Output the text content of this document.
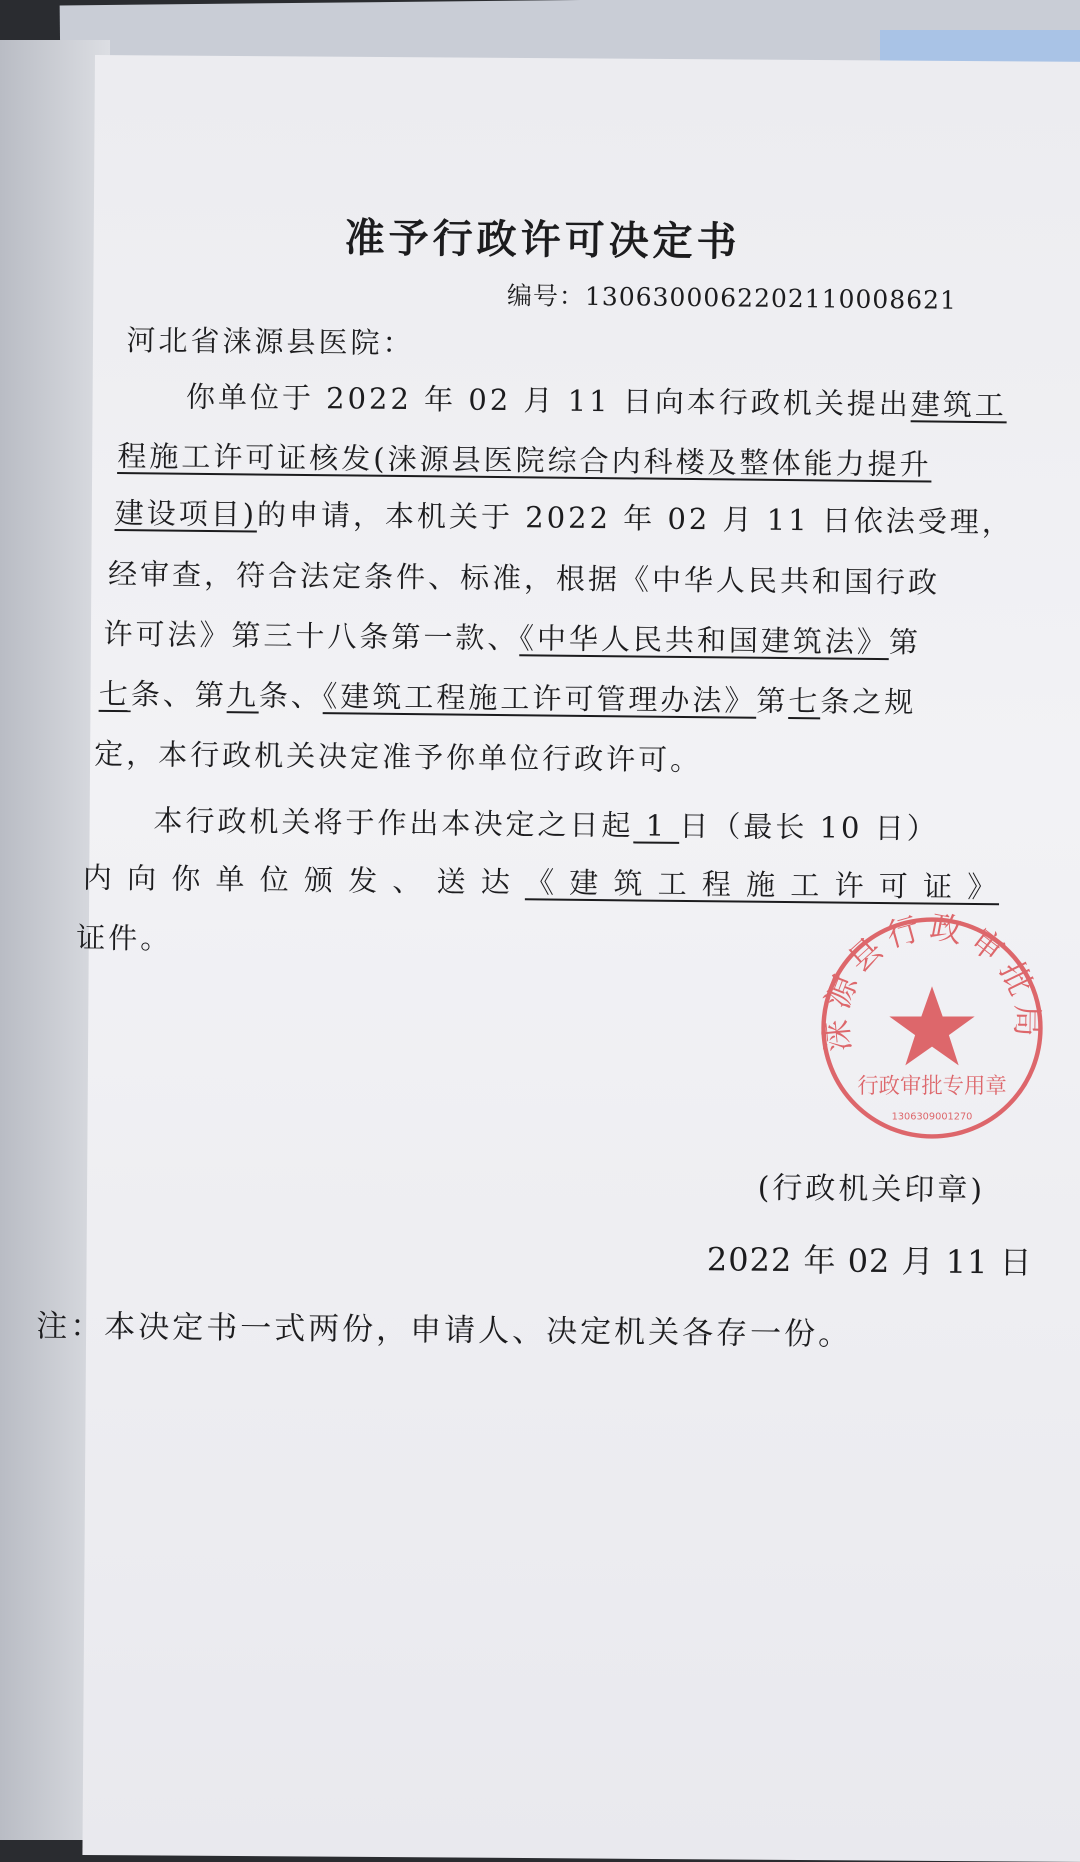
准予行政许可决定书
编号：13063000622021100086​21
河北省涞源县医院：
你单位于 2022 年 02 月 11 日向本行政机关提出建筑工
程施工许可证核发(涞源县医院综合内科楼及整体能力提升
建设项目)的申请，本机关于 2022 年 02 月 11 日依法受理，
经审查，符合法定条件、标准，根据《中华人民共和国行政
许可法》第三十八条第一款、《中华人民共和国建筑法》第
七条、第九条、《建筑工程施工许可管理办法》第七条之规
定，本行政机关决定准予你单位行政许可。
本行政机关将于作出本决定之日起 1 日（最长 10 日）
内 向 你 单 位 颁 发 、 送 达 《 建 筑 工 程 施 工 许 可 证 》
证件。
(行政机关印章)
2022 年 02 月 11 日
注：本决定书一式两份，申请人、决定机关各存一份。
涞源县行政审批局
行政审批专用章
1306309001270
